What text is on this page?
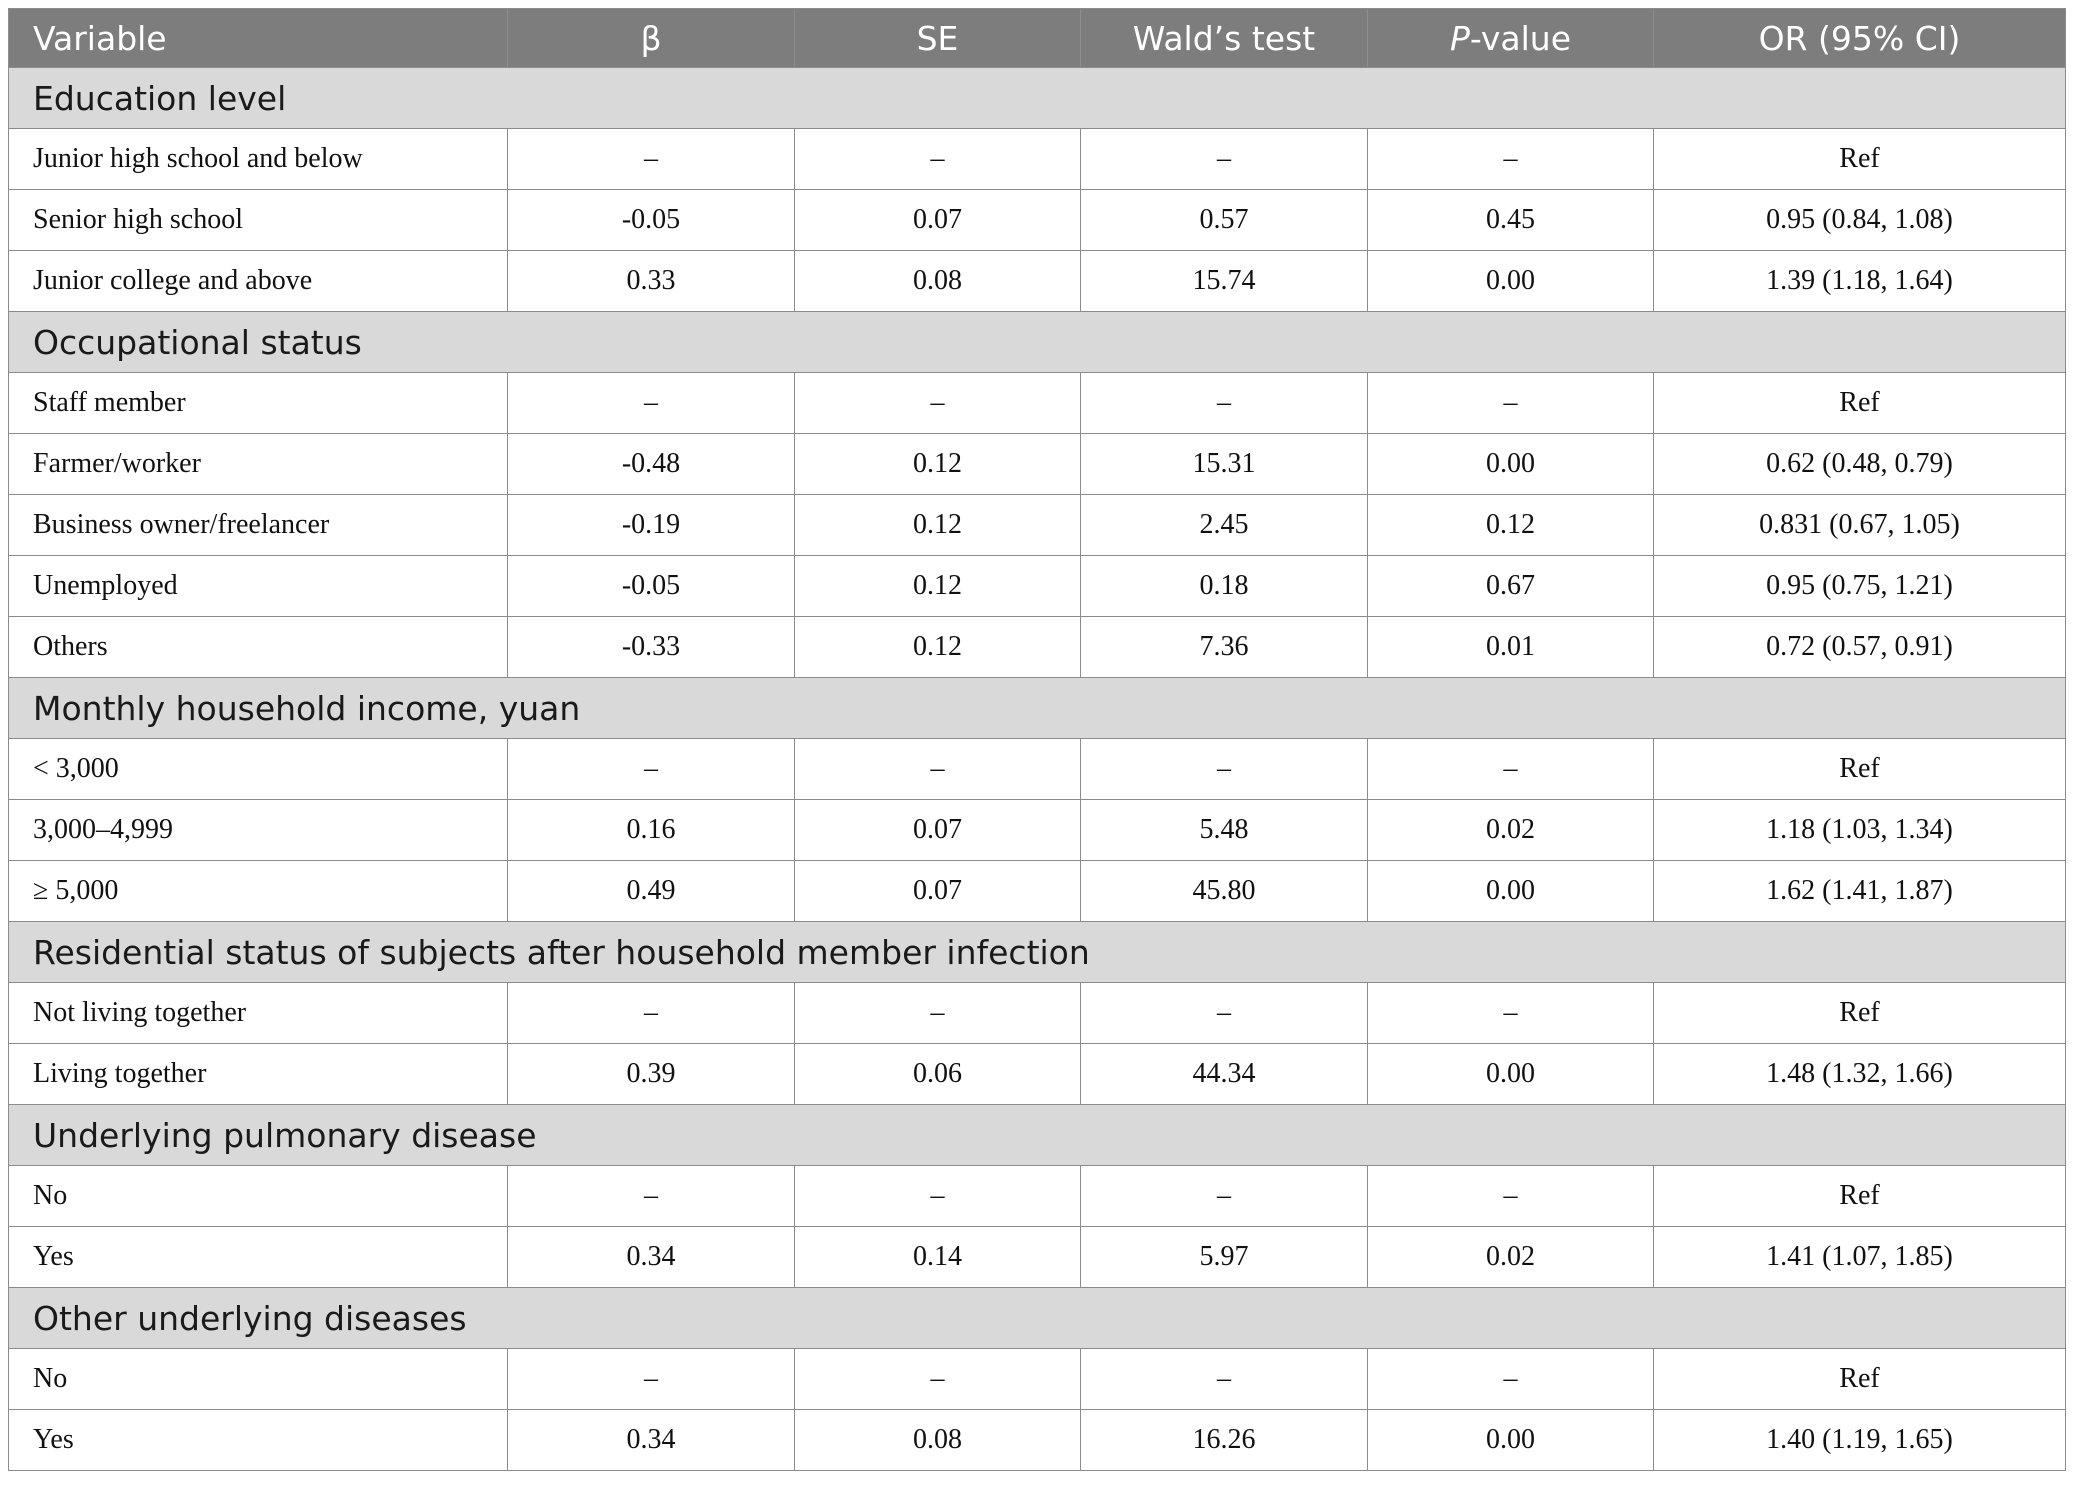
Variable	β	SE	Wald’s test	P-value	OR (95% CI)
Education level					
Junior high school and below	–	–	–	–	Ref
Senior high school	-0.05	0.07	0.57	0.45	0.95 (0.84, 1.08)
Junior college and above	0.33	0.08	15.74	0.00	1.39 (1.18, 1.64)
Occupational status					
Staff member	–	–	–	–	Ref
Farmer/worker	-0.48	0.12	15.31	0.00	0.62 (0.48, 0.79)
Business owner/freelancer	-0.19	0.12	2.45	0.12	0.831 (0.67, 1.05)
Unemployed	-0.05	0.12	0.18	0.67	0.95 (0.75, 1.21)
Others	-0.33	0.12	7.36	0.01	0.72 (0.57, 0.91)
Monthly household income, yuan					
< 3,000	–	–	–	–	Ref
3,000–4,999	0.16	0.07	5.48	0.02	1.18 (1.03, 1.34)
≥ 5,000	0.49	0.07	45.80	0.00	1.62 (1.41, 1.87)
Residential status of subjects after household member infection					
Not living together	–	–	–	–	Ref
Living together	0.39	0.06	44.34	0.00	1.48 (1.32, 1.66)
Underlying pulmonary disease					
No	–	–	–	–	Ref
Yes	0.34	0.14	5.97	0.02	1.41 (1.07, 1.85)
Other underlying diseases					
No	–	–	–	–	Ref
Yes	0.34	0.08	16.26	0.00	1.40 (1.19, 1.65)
